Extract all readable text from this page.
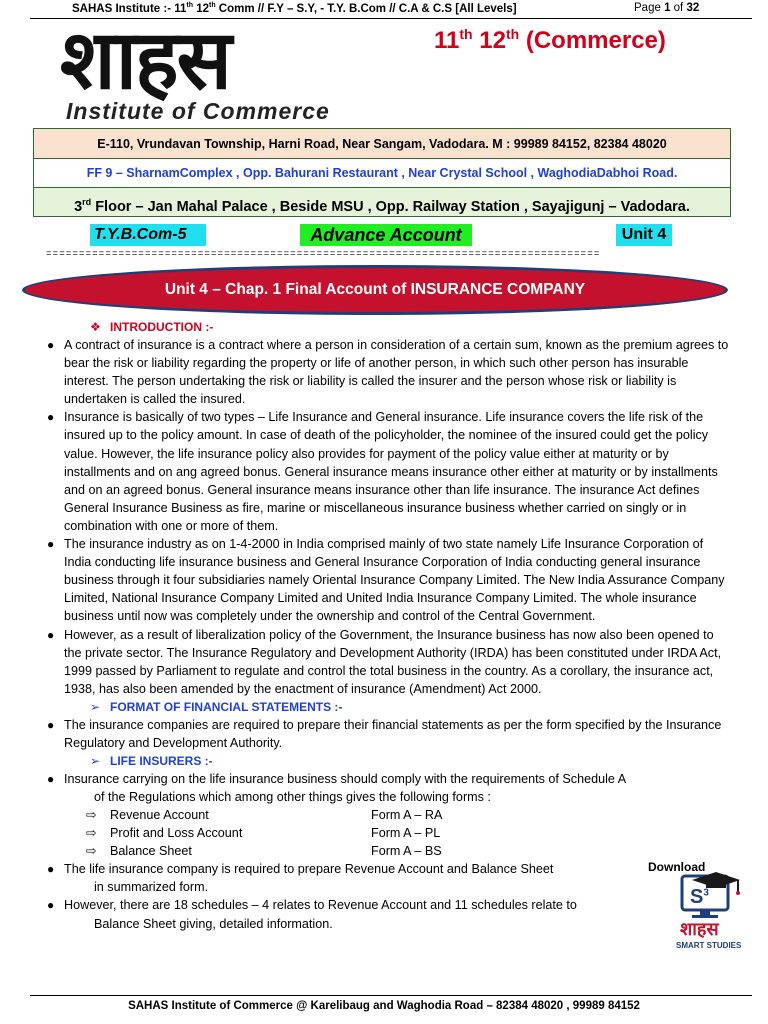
SAHAS Institute :- 11th 12th Comm // F.Y – S.Y, - T.Y. B.Com // C.A & C.S [All Levels]	Page 1 of 32
शाहस
Institute of Commerce
11th 12th (Commerce)
E-110, Vrundavan Township, Harni Road, Near Sangam, Vadodara. M : 99989 84152, 82384 48020
FF 9 – SharnamComplex , Opp. Bahurani Restaurant , Near Crystal School , WaghodiaDabhoi Road.
3rd Floor – Jan Mahal Palace , Beside MSU , Opp. Railway Station , Sayajigunj – Vadodara.
T.Y.B.Com-5	Advance Account	Unit 4
====================================================================================
Unit 4 – Chap. 1 Final Account of INSURANCE COMPANY
❖ INTRODUCTION :-
● A contract of insurance is a contract where a person in consideration of a certain sum, known as the premium agrees to bear the risk or liability regarding the property or life of another person, in which such other person has insurable interest. The person undertaking the risk or liability is called the insurer and the person whose risk or liability is undertaken is called the insured.
● Insurance is basically of two types – Life Insurance and General insurance. Life insurance covers the life risk of the insured up to the policy amount. In case of death of the policyholder, the nominee of the insured could get the policy value. However, the life insurance policy also provides for payment of the policy value either at maturity or by installments and on ang agreed bonus. General insurance means insurance other either at maturity or by installments and on an agreed bonus. General insurance means insurance other than life insurance. The insurance Act defines General Insurance Business as fire, marine or miscellaneous insurance business whether carried on singly or in combination with one or more of them.
● The insurance industry as on 1-4-2000 in India comprised mainly of two state namely Life Insurance Corporation of India conducting life insurance business and General Insurance Corporation of India conducting general insurance business through it four subsidiaries namely Oriental Insurance Company Limited. The New India Assurance Company Limited, National Insurance Company Limited and United India Insurance Company Limited. The whole insurance business until now was completely under the ownership and control of the Central Government.
● However, as a result of liberalization policy of the Government, the Insurance business has now also been opened to the private sector. The Insurance Regulatory and Development Authority (IRDA) has been constituted under IRDA Act, 1999 passed by Parliament to regulate and control the total business in the country. As a corollary, the insurance act, 1938, has also been amended by the enactment of insurance (Amendment) Act 2000.
➢ FORMAT OF FINANCIAL STATEMENTS :-
● The insurance companies are required to prepare their financial statements as per the form specified by the Insurance Regulatory and Development Authority.
➢ LIFE INSURERS :-
● Insurance carrying on the life insurance business should comply with the requirements of Schedule A
of the Regulations which among other things gives the following forms :
⇨ Revenue Account	Form A – RA
⇨ Profit and Loss Account	Form A – PL
⇨ Balance Sheet	Form A – BS
● The life insurance company is required to prepare Revenue Account and Balance Sheet
in summarized form.
● However, there are 18 schedules – 4 relates to Revenue Account and 11 schedules relate to
Balance Sheet giving, detailed information.
Download
$S^3$
शाहस
SMART STUDIES
SAHAS Institute of Commerce @ Karelibaug and Waghodia Road – 82384 48020 , 99989 84152
